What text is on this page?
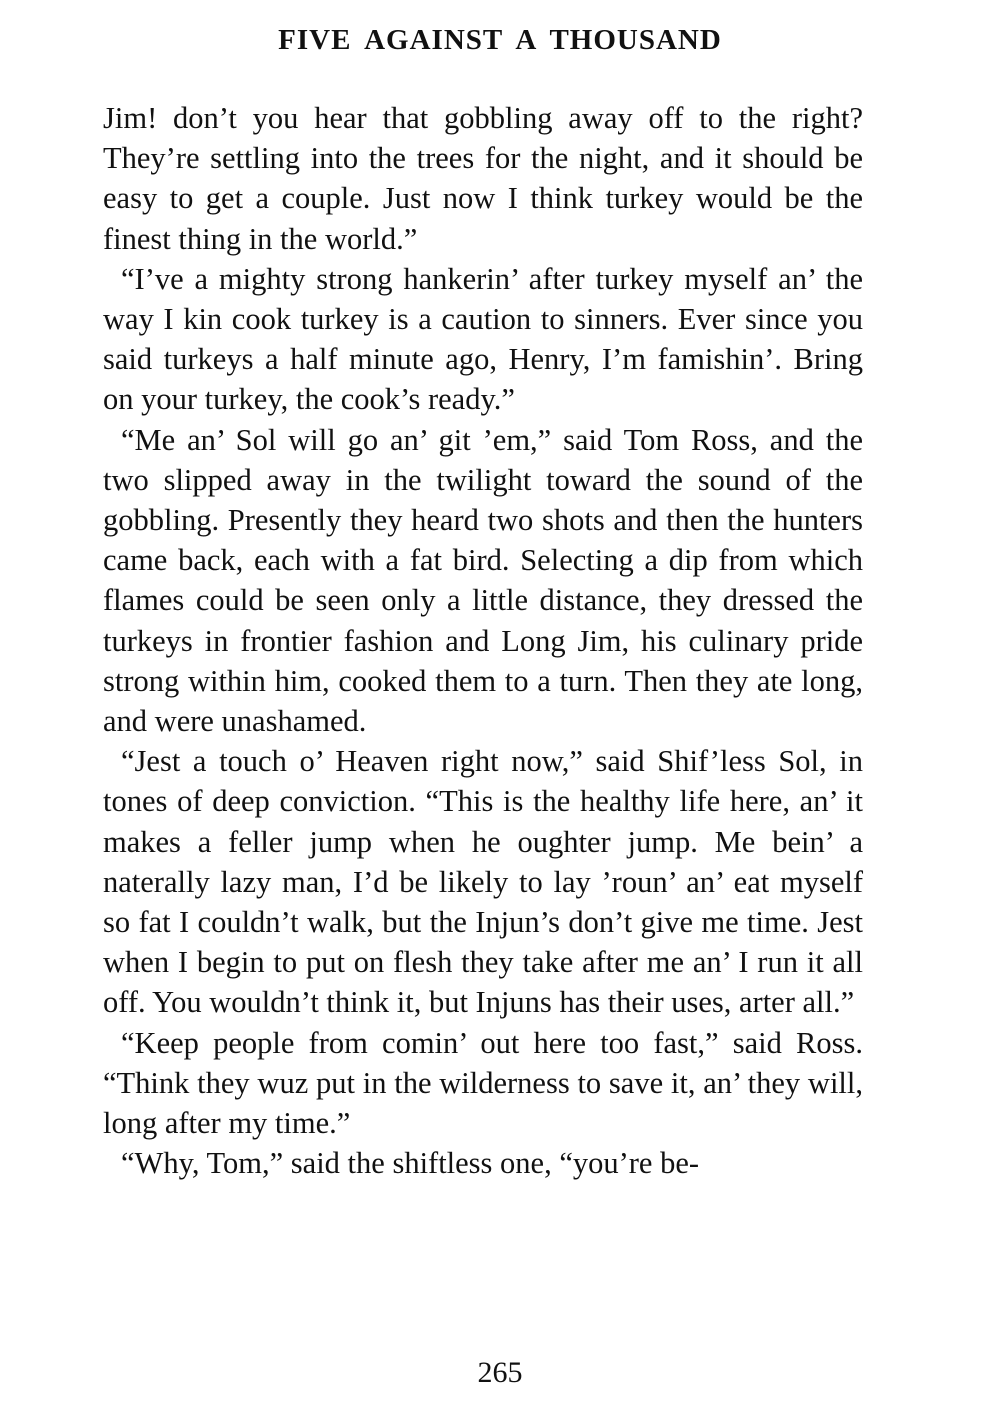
FIVE AGAINST A THOUSAND

Jim! don’t you hear that gobbling away off to the right? They’re settling into the trees for the night, and it should be easy to get a couple. Just now I think turkey would be the finest thing in the world.”

“I’ve a mighty strong hankerin’ after turkey myself an’ the way I kin cook turkey is a caution to sinners. Ever since you said turkeys a half minute ago, Henry, I’m famishin’. Bring on your turkey, the cook’s ready.”

“Me an’ Sol will go an’ git ’em,” said Tom Ross, and the two slipped away in the twilight toward the sound of the gobbling. Presently they heard two shots and then the hunters came back, each with a fat bird. Selecting a dip from which flames could be seen only a little distance, they dressed the turkeys in frontier fashion and Long Jim, his culinary pride strong within him, cooked them to a turn. Then they ate long, and were unashamed.

“Jest a touch o’ Heaven right now,” said Shif’less Sol, in tones of deep conviction. “This is the healthy life here, an’ it makes a feller jump when he oughter jump. Me bein’ a naterally lazy man, I’d be likely to lay ’roun’ an’ eat myself so fat I couldn’t walk, but the Injun’s don’t give me time. Jest when I begin to put on flesh they take after me an’ I run it all off. You wouldn’t think it, but Injuns has their uses, arter all.”

“Keep people from comin’ out here too fast,” said Ross. “Think they wuz put in the wilderness to save it, an’ they will, long after my time.”

“Why, Tom,” said the shiftless one, “you’re be-

265
